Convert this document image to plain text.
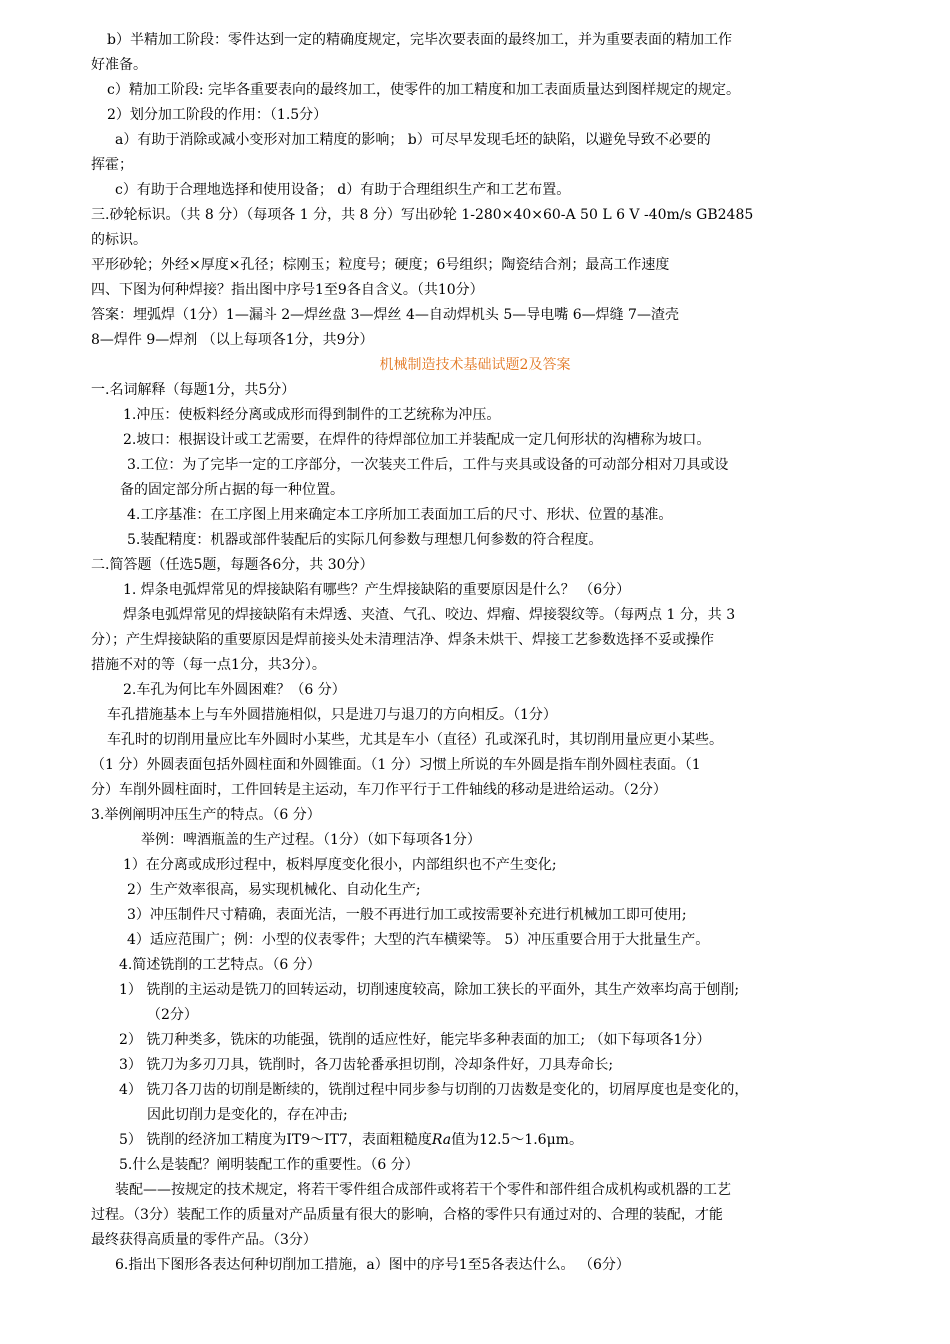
b）半精加工阶段：零件达到一定的精确度规定，完毕次要表面的最终加工，并为重要表面的精加工作
好准备。
c）精加工阶段: 完毕各重要表向的最终加工，使零件的加工精度和加工表面质量达到图样规定的规定。
2）划分加工阶段的作用：（1.5分）
a）有助于消除或减小变形对加工精度的影响； b）可尽早发现毛坯的缺陷，以避免导致不必要的
挥霍；
c）有助于合理地选择和使用设备； d）有助于合理组织生产和工艺布置。
三.砂轮标识。（共 8 分）（每项各 1 分，共 8 分）写出砂轮 1-280×40×60-A 50 L 6 V -40m/s GB2485
的标识。
平形砂轮；外经×厚度×孔径；棕刚玉；粒度号；硬度；6号组织；陶瓷结合剂；最高工作速度
四、下图为何种焊接？指出图中序号1至9各自含义。（共10分）
答案：埋弧焊（1分）1—漏斗 2—焊丝盘 3—焊丝 4—自动焊机头 5—导电嘴 6—焊缝 7—渣壳
8—焊件 9—焊剂 （以上每项各1分，共9分）
机械制造技术基础试题2及答案
一.名词解释（每题1分，共5分）
1.冲压：使板料经分离或成形而得到制件的工艺统称为冲压。
2.坡口：根据设计或工艺需要，在焊件的待焊部位加工并装配成一定几何形状的沟槽称为坡口。
3.工位：为了完毕一定的工序部分，一次装夹工件后，工件与夹具或设备的可动部分相对刀具或设
备的固定部分所占据的每一种位置。
4.工序基准：在工序图上用来确定本工序所加工表面加工后的尺寸、形状、位置的基准。
5.装配精度：机器或部件装配后的实际几何参数与理想几何参数的符合程度。
二.简答题（任选5题，每题各6分，共 30分）
1. 焊条电弧焊常见的焊接缺陷有哪些？产生焊接缺陷的重要原因是什么？ （6分）
焊条电弧焊常见的焊接缺陷有未焊透、夹渣、气孔、咬边、焊瘤、焊接裂纹等。（每两点 1 分，共 3
分）；产生焊接缺陷的重要原因是焊前接头处未清理洁净、焊条未烘干、焊接工艺参数选择不妥或操作
措施不对的等（每一点1分，共3分）。
2.车孔为何比车外圆困难？（6 分）
车孔措施基本上与车外圆措施相似，只是进刀与退刀的方向相反。（1分）
车孔时的切削用量应比车外圆时小某些，尤其是车小（直径）孔或深孔时，其切削用量应更小某些。
（1 分）外圆表面包括外圆柱面和外圆锥面。（1 分）习惯上所说的车外圆是指车削外圆柱表面。（1
分）车削外圆柱面时，工件回转是主运动，车刀作平行于工件轴线的移动是进给运动。（2分）
3.举例阐明冲压生产的特点。（6 分）
举例：啤酒瓶盖的生产过程。（1分）（如下每项各1分）
1）在分离或成形过程中，板料厚度变化很小，内部组织也不产生变化;
2）生产效率很高，易实现机械化、自动化生产;
3）冲压制件尺寸精确，表面光洁，一般不再进行加工或按需要补充进行机械加工即可使用;
4）适应范围广；例：小型的仪表零件；大型的汽车横梁等。 5）冲压重要合用于大批量生产。
4.简述铣削的工艺特点。（6 分）
1） 铣削的主运动是铣刀的回转运动，切削速度较高，除加工狭长的平面外，其生产效率均高于刨削;
（2分）
2） 铣刀种类多，铣床的功能强，铣削的适应性好，能完毕多种表面的加工; （如下每项各1分）
3） 铣刀为多刃刀具，铣削时，各刀齿轮番承担切削，冷却条件好，刀具寿命长;
4） 铣刀各刀齿的切削是断续的，铣削过程中同步参与切削的刀齿数是变化的，切屑厚度也是变化的，
因此切削力是变化的，存在冲击;
5） 铣削的经济加工精度为IT9～IT7，表面粗糙度Ra值为12.5～1.6μm。
5.什么是装配？阐明装配工作的重要性。（6 分）
装配——按规定的技术规定，将若干零件组合成部件或将若干个零件和部件组合成机构或机器的工艺
过程。（3分）装配工作的质量对产品质量有很大的影响，合格的零件只有通过对的、合理的装配，才能
最终获得高质量的零件产品。（3分）
6.指出下图形各表达何种切削加工措施，a）图中的序号1至5各表达什么。 （6分）
